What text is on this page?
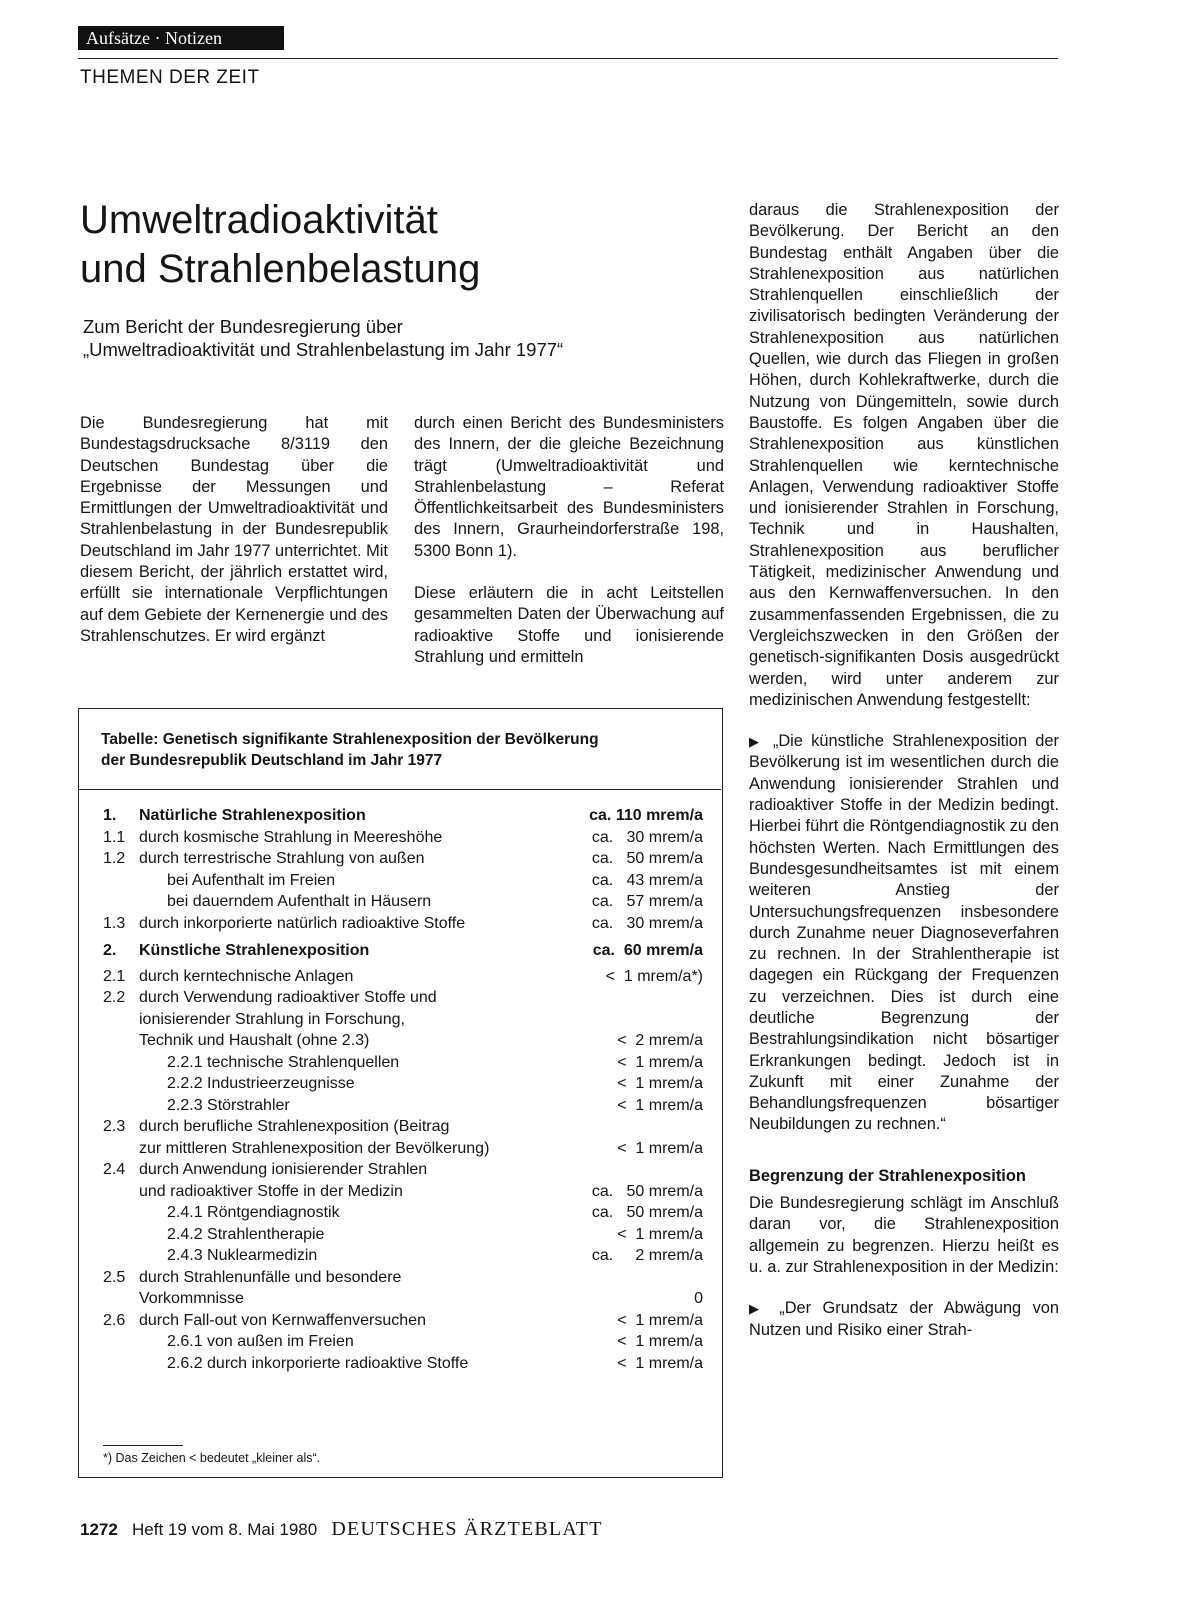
Aufsätze · Notizen
THEMEN DER ZEIT
Umweltradioaktivität
und Strahlenbelastung
Zum Bericht der Bundesregierung über
„Umweltradioaktivität und Strahlenbelastung im Jahr 1977“

Die Bundesregierung hat mit Bundestagsdrucksache 8/3119 den Deutschen Bundestag über die Ergebnisse der Messungen und Ermittlungen der Umweltradioaktivität und Strahlenbelastung in der Bundesrepublik Deutschland im Jahr 1977 unterrichtet. Mit diesem Bericht, der jährlich erstattet wird, erfüllt sie internationale Verpflichtungen auf dem Gebiete der Kernenergie und des Strahlenschutzes. Er wird ergänzt

durch einen Bericht des Bundesministers des Innern, der die gleiche Bezeichnung trägt (Umweltradioaktivität und Strahlenbelastung – Referat Öffentlichkeitsarbeit des Bundesministers des Innern, Graurheindorferstraße 198, 5300 Bonn 1).

Diese erläutern die in acht Leitstellen gesammelten Daten der Überwachung auf radioaktive Stoffe und ionisierende Strahlung und ermitteln

daraus die Strahlenexposition der Bevölkerung. Der Bericht an den Bundestag enthält Angaben über die Strahlenexposition aus natürlichen Strahlenquellen einschließlich der zivilisatorisch bedingten Veränderung der Strahlenexposition aus natürlichen Quellen, wie durch das Fliegen in großen Höhen, durch Kohlekraftwerke, durch die Nutzung von Düngemitteln, sowie durch Baustoffe. Es folgen Angaben über die Strahlenexposition aus künstlichen Strahlenquellen wie kerntechnische Anlagen, Verwendung radioaktiver Stoffe und ionisierender Strahlen in Forschung, Technik und in Haushalten, Strahlenexposition aus beruflicher Tätigkeit, medizinischer Anwendung und aus den Kernwaffenversuchen. In den zusammenfassenden Ergebnissen, die zu Vergleichszwecken in den Größen der genetisch-signifikanten Dosis ausgedrückt werden, wird unter anderem zur medizinischen Anwendung festgestellt:
▶ „Die künstliche Strahlenexposition der Bevölkerung ist im wesentlichen durch die Anwendung ionisierender Strahlen und radioaktiver Stoffe in der Medizin bedingt. Hierbei führt die Röntgendiagnostik zu den höchsten Werten. Nach Ermittlungen des Bundesgesundheitsamtes ist mit einem weiteren Anstieg der Untersuchungsfrequenzen insbesondere durch Zunahme neuer Diagnoseverfahren zu rechnen. In der Strahlentherapie ist dagegen ein Rückgang der Frequenzen zu verzeichnen. Dies ist durch eine deutliche Begrenzung der Bestrahlungsindikation nicht bösartiger Erkrankungen bedingt. Jedoch ist in Zukunft mit einer Zunahme der Behandlungsfrequenzen bösartiger Neubildungen zu rechnen.“
Begrenzung der Strahlenexposition
Die Bundesregierung schlägt im Anschluß daran vor, die Strahlenexposition allgemein zu begrenzen. Hierzu heißt es u. a. zur Strahlenexposition in der Medizin:
▶ „Der Grundsatz der Abwägung von Nutzen und Risiko einer Strah-
Tabelle: Genetisch signifikante Strahlenexposition der Bevölkerung
der Bundesrepublik Deutschland im Jahr 1977
1. Natürliche Strahlenexposition	ca. 110 mrem/a
1.1 durch kosmische Strahlung in Meereshöhe	ca.   30 mrem/a
1.2 durch terrestrische Strahlung von außen	ca.   50 mrem/a
bei Aufenthalt im Freien	ca.   43 mrem/a
bei dauerndem Aufenthalt in Häusern	ca.   57 mrem/a
1.3 durch inkorporierte natürlich radioaktive Stoffe	ca.   30 mrem/a
2. Künstliche Strahlenexposition	ca.  60 mrem/a
2.1 durch kerntechnische Anlagen	<  1 mrem/a*)
2.2 durch Verwendung radioaktiver Stoffe und
ionisierender Strahlung in Forschung,
Technik und Haushalt (ohne 2.3)	<  2 mrem/a
2.2.1 technische Strahlenquellen	<  1 mrem/a
2.2.2 Industrieerzeugnisse	<  1 mrem/a
2.2.3 Störstrahler	<  1 mrem/a
2.3 durch berufliche Strahlenexposition (Beitrag
zur mittleren Strahlenexposition der Bevölkerung)	<  1 mrem/a
2.4 durch Anwendung ionisierender Strahlen
und radioaktiver Stoffe in der Medizin	ca.   50 mrem/a
2.4.1 Röntgendiagnostik	ca.   50 mrem/a
2.4.2 Strahlentherapie	<  1 mrem/a
2.4.3 Nuklearmedizin	ca.     2 mrem/a
2.5 durch Strahlenunfälle und besondere
Vorkommnisse	0
2.6 durch Fall-out von Kernwaffenversuchen	<  1 mrem/a
2.6.1 von außen im Freien	<  1 mrem/a
2.6.2 durch inkorporierte radioaktive Stoffe	<  1 mrem/a
*) Das Zeichen < bedeutet „kleiner als“.
1272 Heft 19 vom 8. Mai 1980 DEUTSCHES ÄRZTEBLATT
